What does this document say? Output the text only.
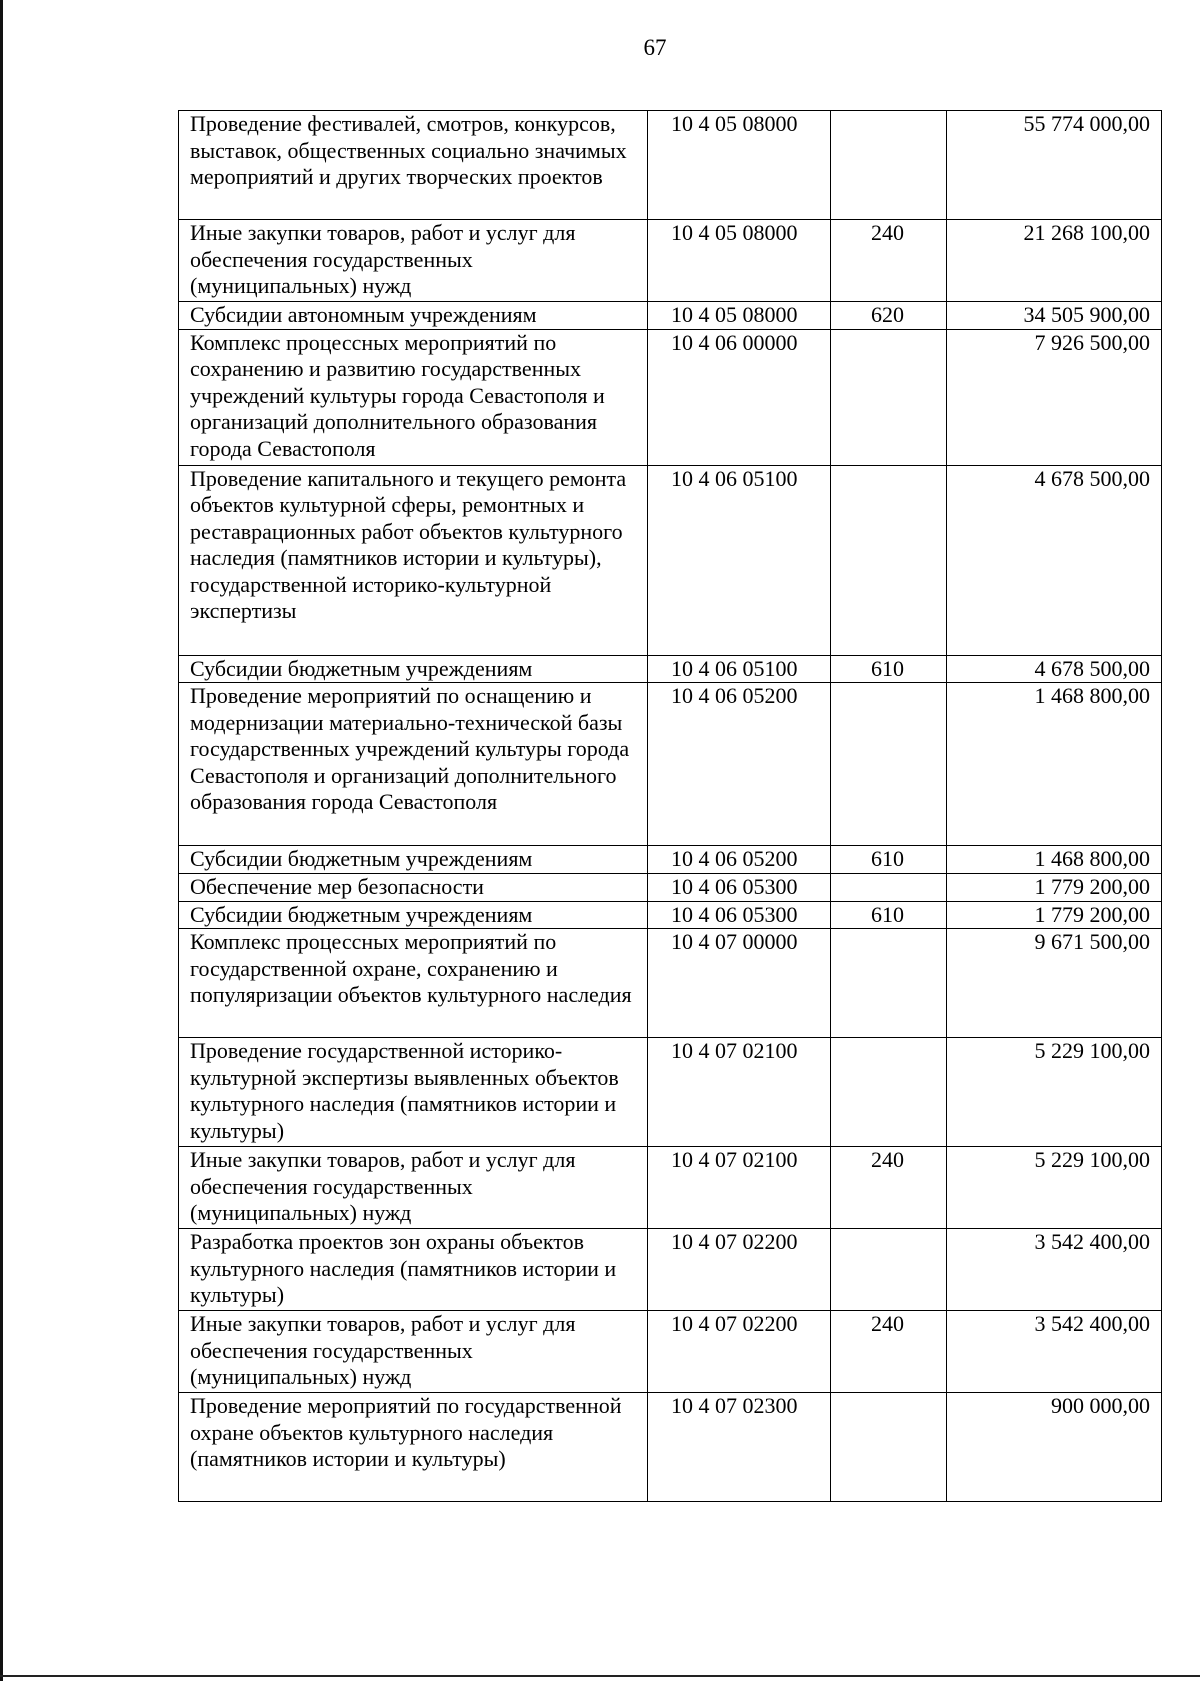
67
Проведение фестивалей, смотров, конкурсов, выставок, общественных социально значимых мероприятий и других творческих проектов	10 4 05 08000		55 774 000,00
Иные закупки товаров, работ и услуг для обеспечения государственных (муниципальных) нужд	10 4 05 08000	240	21 268 100,00
Субсидии автономным учреждениям	10 4 05 08000	620	34 505 900,00
Комплекс процессных мероприятий по сохранению и развитию государственных учреждений культуры города Севастополя и организаций дополнительного образования города Севастополя	10 4 06 00000		7 926 500,00
Проведение капитального и текущего ремонта объектов культурной сферы, ремонтных и реставрационных работ объектов культурного наследия (памятников истории и культуры), государственной историко-культурной экспертизы	10 4 06 05100		4 678 500,00
Субсидии бюджетным учреждениям	10 4 06 05100	610	4 678 500,00
Проведение мероприятий по оснащению и модернизации материально-технической базы государственных учреждений культуры города Севастополя и организаций дополнительного образования города Севастополя	10 4 06 05200		1 468 800,00
Субсидии бюджетным учреждениям	10 4 06 05200	610	1 468 800,00
Обеспечение мер безопасности	10 4 06 05300		1 779 200,00
Субсидии бюджетным учреждениям	10 4 06 05300	610	1 779 200,00
Комплекс процессных мероприятий по государственной охране, сохранению и популяризации объектов культурного наследия	10 4 07 00000		9 671 500,00
Проведение государственной историко-культурной экспертизы выявленных объектов культурного наследия (памятников истории и культуры)	10 4 07 02100		5 229 100,00
Иные закупки товаров, работ и услуг для обеспечения государственных (муниципальных) нужд	10 4 07 02100	240	5 229 100,00
Разработка проектов зон охраны объектов культурного наследия (памятников истории и культуры)	10 4 07 02200		3 542 400,00
Иные закупки товаров, работ и услуг для обеспечения государственных (муниципальных) нужд	10 4 07 02200	240	3 542 400,00
Проведение мероприятий по государственной охране объектов культурного наследия (памятников истории и культуры)	10 4 07 02300		900 000,00
